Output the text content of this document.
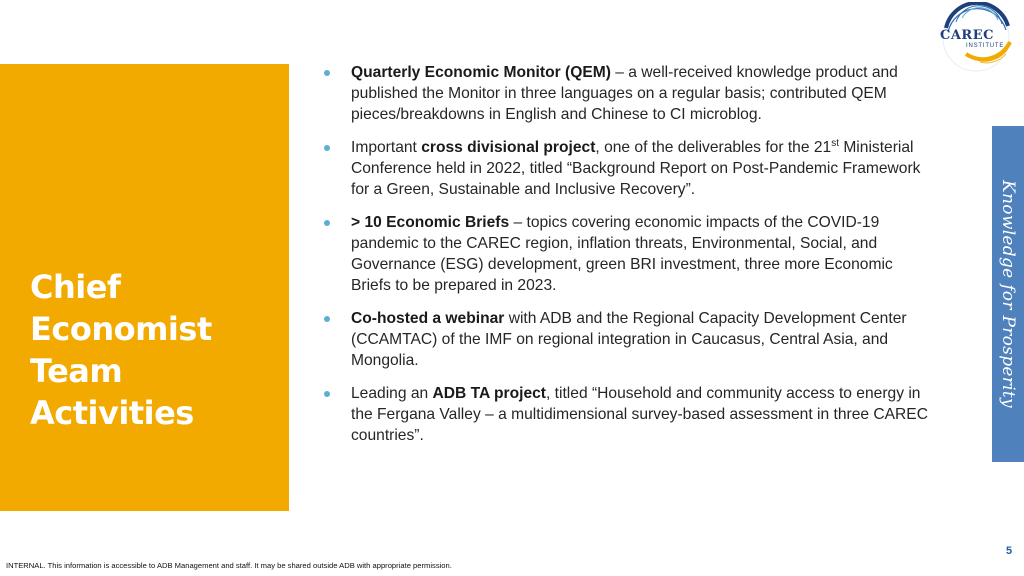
CAREC
INSTITUTE
Chief
Economist
Team
Activities
Quarterly Economic Monitor (QEM) – a well-received knowledge product and published the Monitor in three languages on a regular basis; contributed QEM pieces/breakdowns in English and Chinese to CI microblog.
Important cross divisional project, one of the deliverables for the 21st Ministerial Conference held in 2022, titled “Background Report on Post-Pandemic Framework for a Green, Sustainable and Inclusive Recovery”.
> 10 Economic Briefs – topics covering economic impacts of the COVID-19 pandemic to the CAREC region, inflation threats, Environmental, Social, and Governance (ESG) development, green BRI investment, three more Economic Briefs to be prepared in 2023.
Co-hosted a webinar with ADB and the Regional Capacity Development Center (CCAMTAC) of the IMF on regional integration in Caucasus, Central Asia, and Mongolia.
Leading an ADB TA project, titled “Household and community access to energy in the Fergana Valley – a multidimensional survey-based assessment in three CAREC countries”.
Knowledge for Prosperity
5
INTERNAL. This information is accessible to ADB Management and staff. It may be shared outside ADB with appropriate permission.
